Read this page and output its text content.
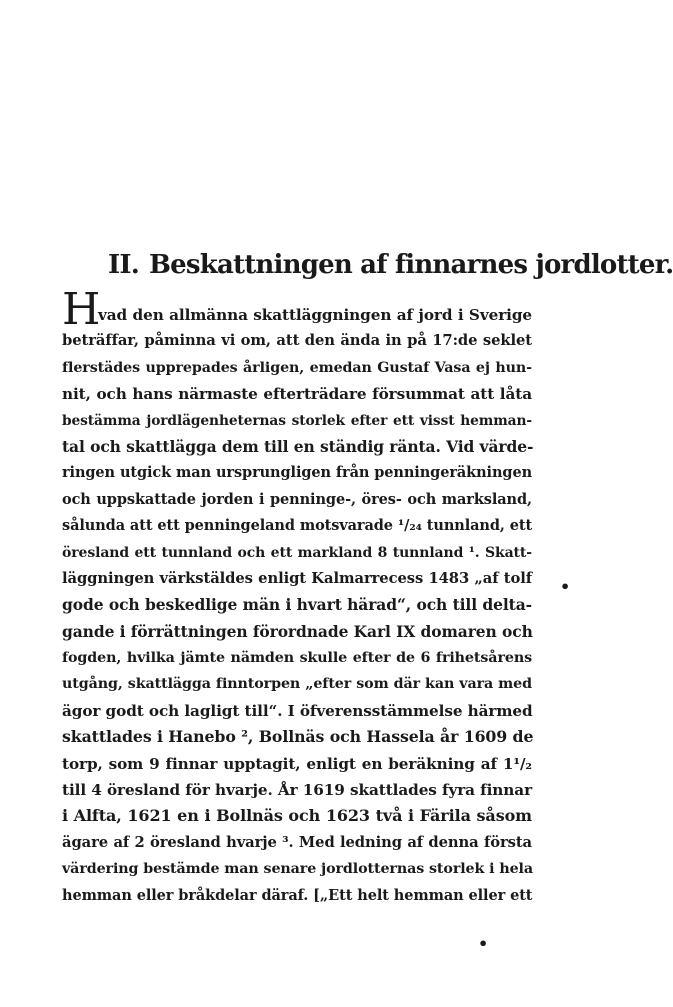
II. Beskattningen af finnarnes jordlotter.
H
vad den allmänna skattläggningen af jord i Sverige
beträffar, påminna vi om, att den ända in på 17:de seklet
flerstädes upprepades årligen, emedan Gustaf Vasa ej hun-
nit, och hans närmaste efterträdare försummat att låta
bestämma jordlägenheternas storlek efter ett visst hemman-
tal och skattlägga dem till en ständig ränta. Vid värde-
ringen utgick man ursprungligen från penningeräkningen
och uppskattade jorden i penninge-, öres- och marksland,
sålunda att ett penningeland motsvarade ¹/₂₄ tunnland, ett
öresland ett tunnland och ett markland 8 tunnland ¹. Skatt-
läggningen värkstäldes enligt Kalmarrecess 1483 „af tolf
gode och beskedlige män i hvart härad“, och till delta-
gande i förrättningen förordnade Karl IX domaren och
fogden, hvilka jämte nämden skulle efter de 6 frihetsårens
utgång, skattlägga finntorpen „efter som där kan vara med
ägor godt och lagligt till“. I öfverensstämmelse härmed
skattlades i Hanebo ², Bollnäs och Hassela år 1609 de
torp, som 9 finnar upptagit, enligt en beräkning af 1¹/₂
till 4 öresland för hvarje. År 1619 skattlades fyra finnar
i Alfta, 1621 en i Bollnäs och 1623 två i Färila såsom
ägare af 2 öresland hvarje ³. Med ledning af denna första
värdering bestämde man senare jordlotternas storlek i hela
hemman eller bråkdelar däraf. [„Ett helt hemman eller ett
•
•
